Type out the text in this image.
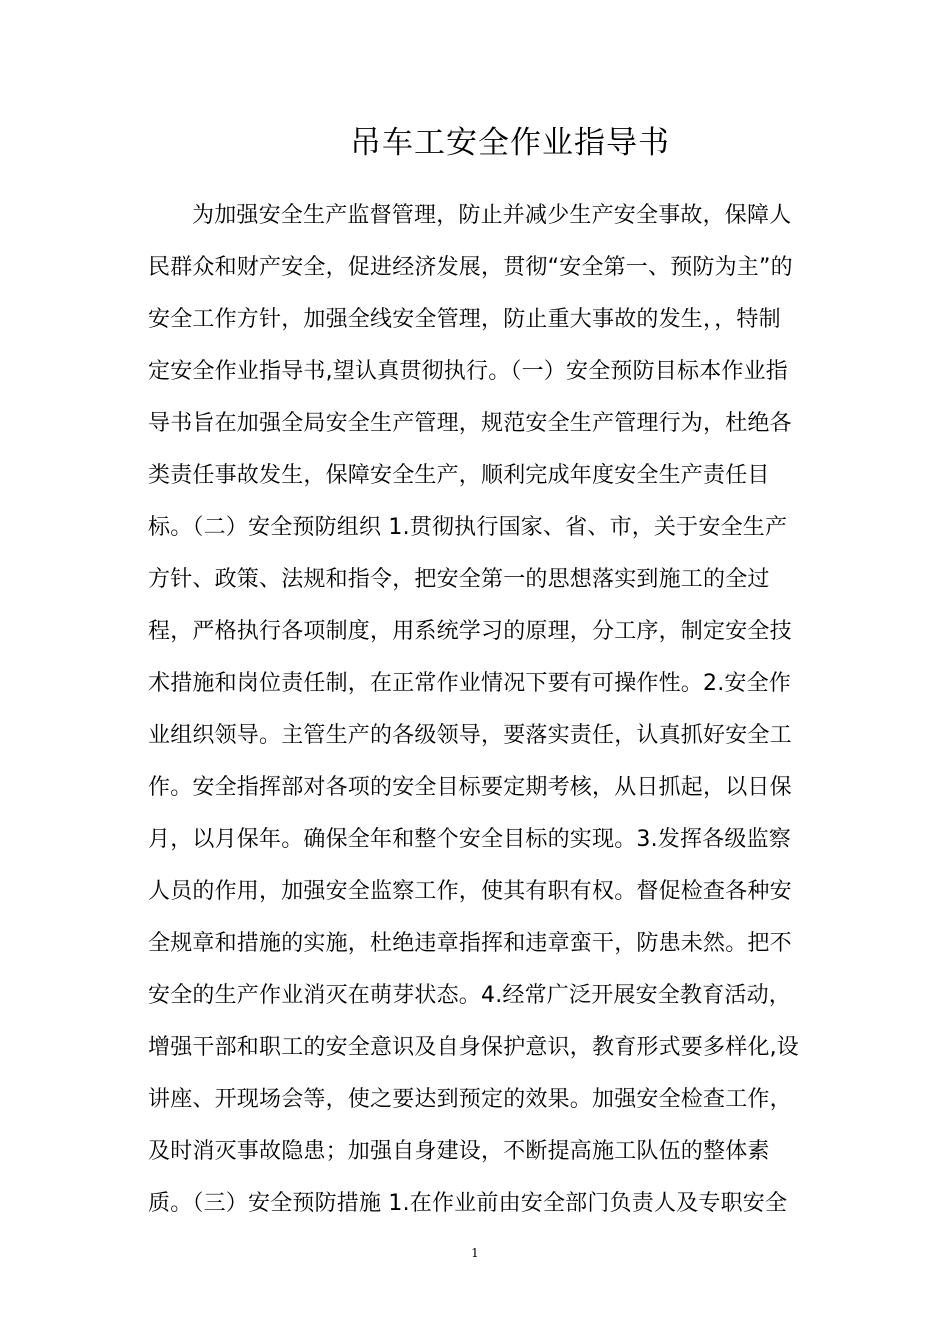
吊车工安全作业指导书
为加强安全生产监督管理，防止并减少生产安全事故，保障人
民群众和财产安全，促进经济发展，贯彻“安全第一、预防为主”的
安全工作方针，加强全线安全管理，防止重大事故的发生，，特制
定安全作业指导书,望认真贯彻执行。（一）安全预防目标本作业指
导书旨在加强全局安全生产管理，规范安全生产管理行为，杜绝各
类责任事故发生，保障安全生产，顺利完成年度安全生产责任目
标。（二）安全预防组织 1.贯彻执行国家、省、市，关于安全生产
方针、政策、法规和指令，把安全第一的思想落实到施工的全过
程，严格执行各项制度，用系统学习的原理，分工序，制定安全技
术措施和岗位责任制，在正常作业情况下要有可操作性。2.安全作
业组织领导。主管生产的各级领导，要落实责任，认真抓好安全工
作。安全指挥部对各项的安全目标要定期考核，从日抓起，以日保
月，以月保年。确保全年和整个安全目标的实现。3.发挥各级监察
人员的作用，加强安全监察工作，使其有职有权。督促检查各种安
全规章和措施的实施，杜绝违章指挥和违章蛮干，防患未然。把不
安全的生产作业消灭在萌芽状态。4.经常广泛开展安全教育活动，
增强干部和职工的安全意识及自身保护意识，教育形式要多样化,设
讲座、开现场会等，使之要达到预定的效果。加强安全检查工作，
及时消灭事故隐患；加强自身建设，不断提高施工队伍的整体素
质。（三）安全预防措施 1.在作业前由安全部门负责人及专职安全
1
